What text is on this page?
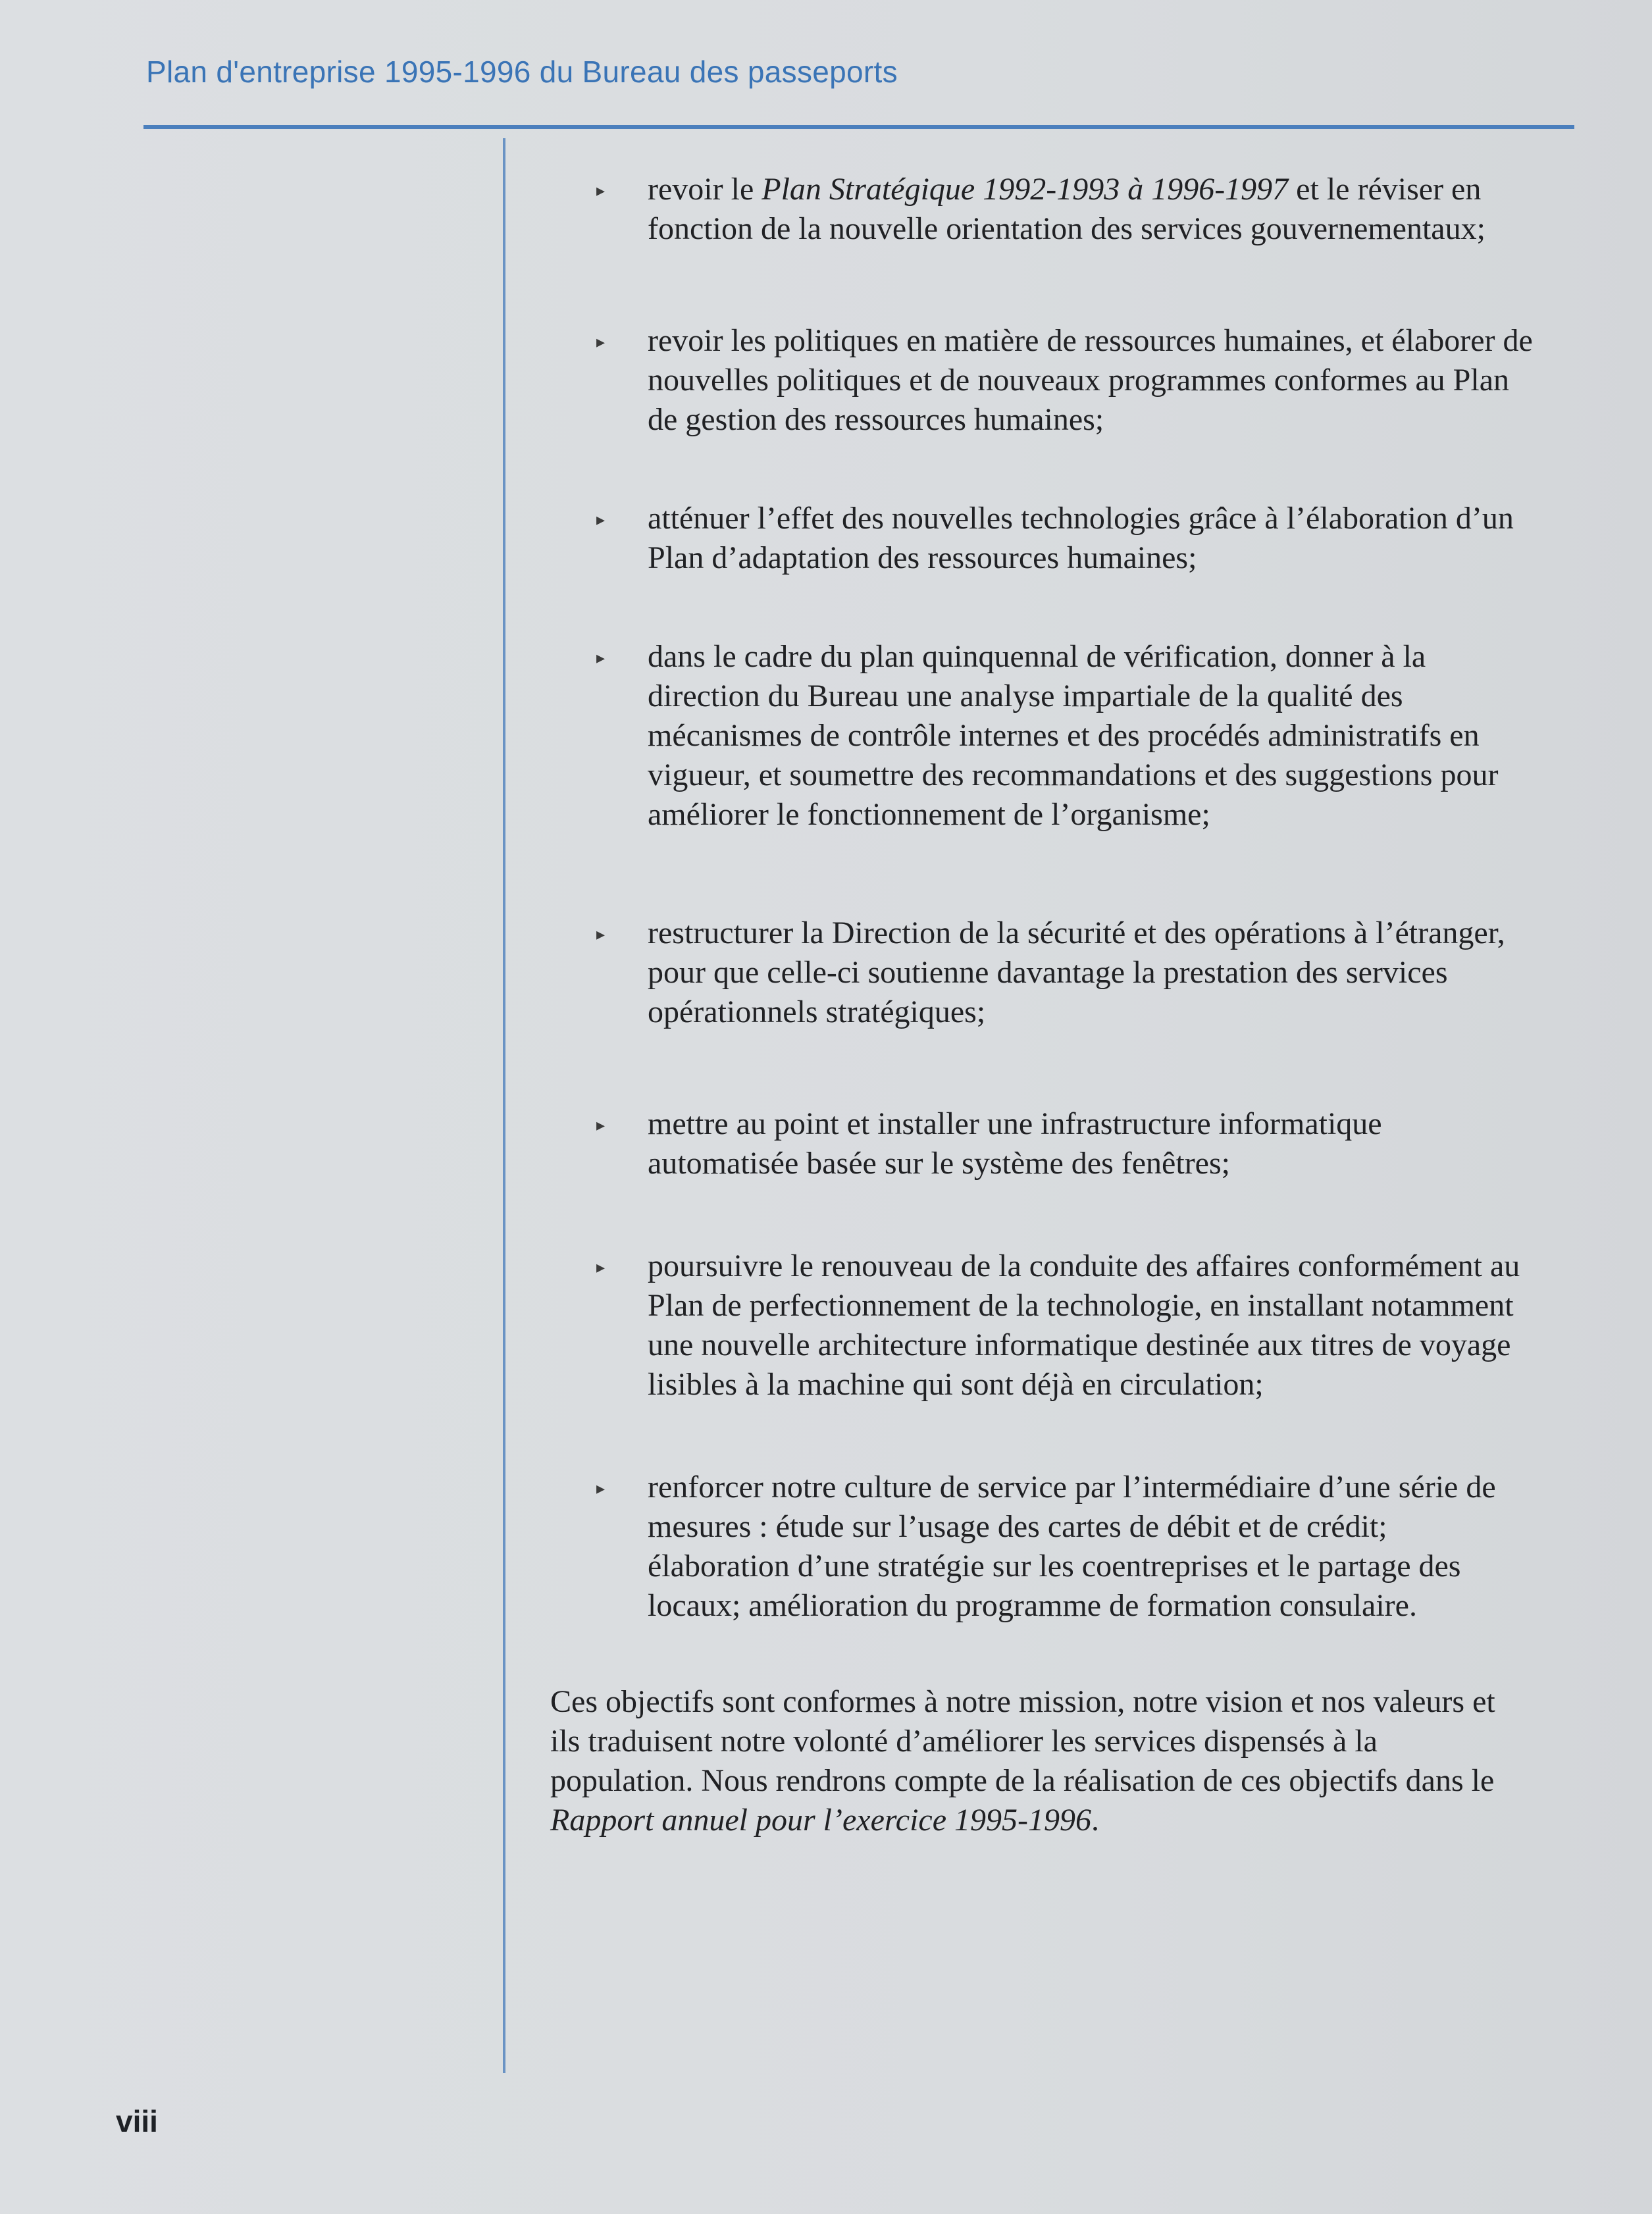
Plan d'entreprise 1995-1996 du Bureau des passeports
▸ revoir le Plan Stratégique 1992-1993 à 1996-1997 et le réviser en fonction de la nouvelle orientation des services gouvernementaux;
▸ revoir les politiques en matière de ressources humaines, et élaborer de nouvelles politiques et de nouveaux programmes conformes au Plan de gestion des ressources humaines;
▸ atténuer l’effet des nouvelles technologies grâce à l’élaboration d’un Plan d’adaptation des ressources humaines;
▸ dans le cadre du plan quinquennal de vérification, donner à la direction du Bureau une analyse impartiale de la qualité des mécanismes de contrôle internes et des procédés administratifs en vigueur, et soumettre des recommandations et des suggestions pour améliorer le fonctionnement de l’organisme;
▸ restructurer la Direction de la sécurité et des opérations à l’étranger, pour que celle-ci soutienne davantage la prestation des services opérationnels stratégiques;
▸ mettre au point et installer une infrastructure informatique automatisée basée sur le système des fenêtres;
▸ poursuivre le renouveau de la conduite des affaires conformément au Plan de perfectionnement de la technologie, en installant notamment une nouvelle architecture informatique destinée aux titres de voyage lisibles à la machine qui sont déjà en circulation;
▸ renforcer notre culture de service par l’intermédiaire d’une série de mesures : étude sur l’usage des cartes de débit et de crédit; élaboration d’une stratégie sur les coentreprises et le partage des locaux; amélioration du programme de formation consulaire.

Ces objectifs sont conformes à notre mission, notre vision et nos valeurs et ils traduisent notre volonté d’améliorer les services dispensés à la population. Nous rendrons compte de la réalisation de ces objectifs dans le Rapport annuel pour l’exercice 1995-1996.

viii
